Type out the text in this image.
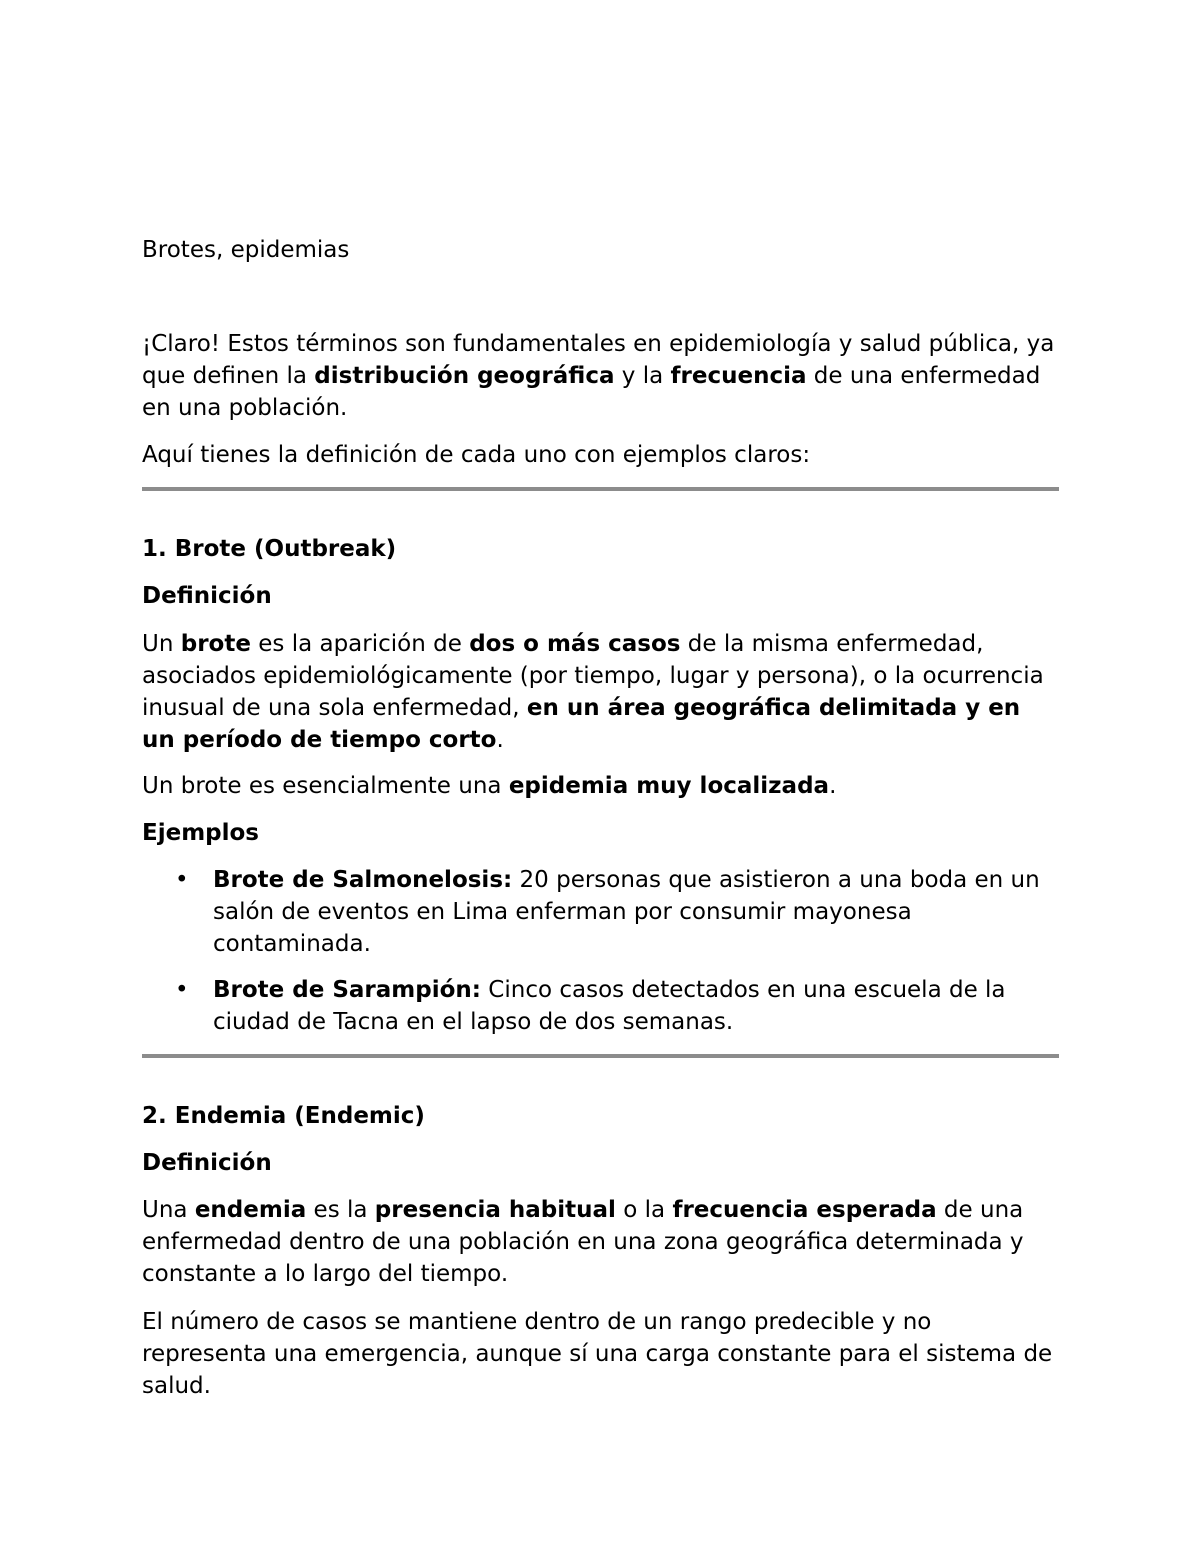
Brotes, epidemias

¡Claro! Estos términos son fundamentales en epidemiología y salud pública, ya que definen la distribución geográfica y la frecuencia de una enfermedad en una población.

Aquí tienes la definición de cada uno con ejemplos claros:

1. Brote (Outbreak)

Definición

Un brote es la aparición de dos o más casos de la misma enfermedad, asociados epidemiológicamente (por tiempo, lugar y persona), o la ocurrencia inusual de una sola enfermedad, en un área geográfica delimitada y en un período de tiempo corto.

Un brote es esencialmente una epidemia muy localizada.

Ejemplos

• Brote de Salmonelosis: 20 personas que asistieron a una boda en un salón de eventos en Lima enferman por consumir mayonesa contaminada.
• Brote de Sarampión: Cinco casos detectados en una escuela de la ciudad de Tacna en el lapso de dos semanas.

2. Endemia (Endemic)

Definición

Una endemia es la presencia habitual o la frecuencia esperada de una enfermedad dentro de una población en una zona geográfica determinada y constante a lo largo del tiempo.

El número de casos se mantiene dentro de un rango predecible y no representa una emergencia, aunque sí una carga constante para el sistema de salud.
